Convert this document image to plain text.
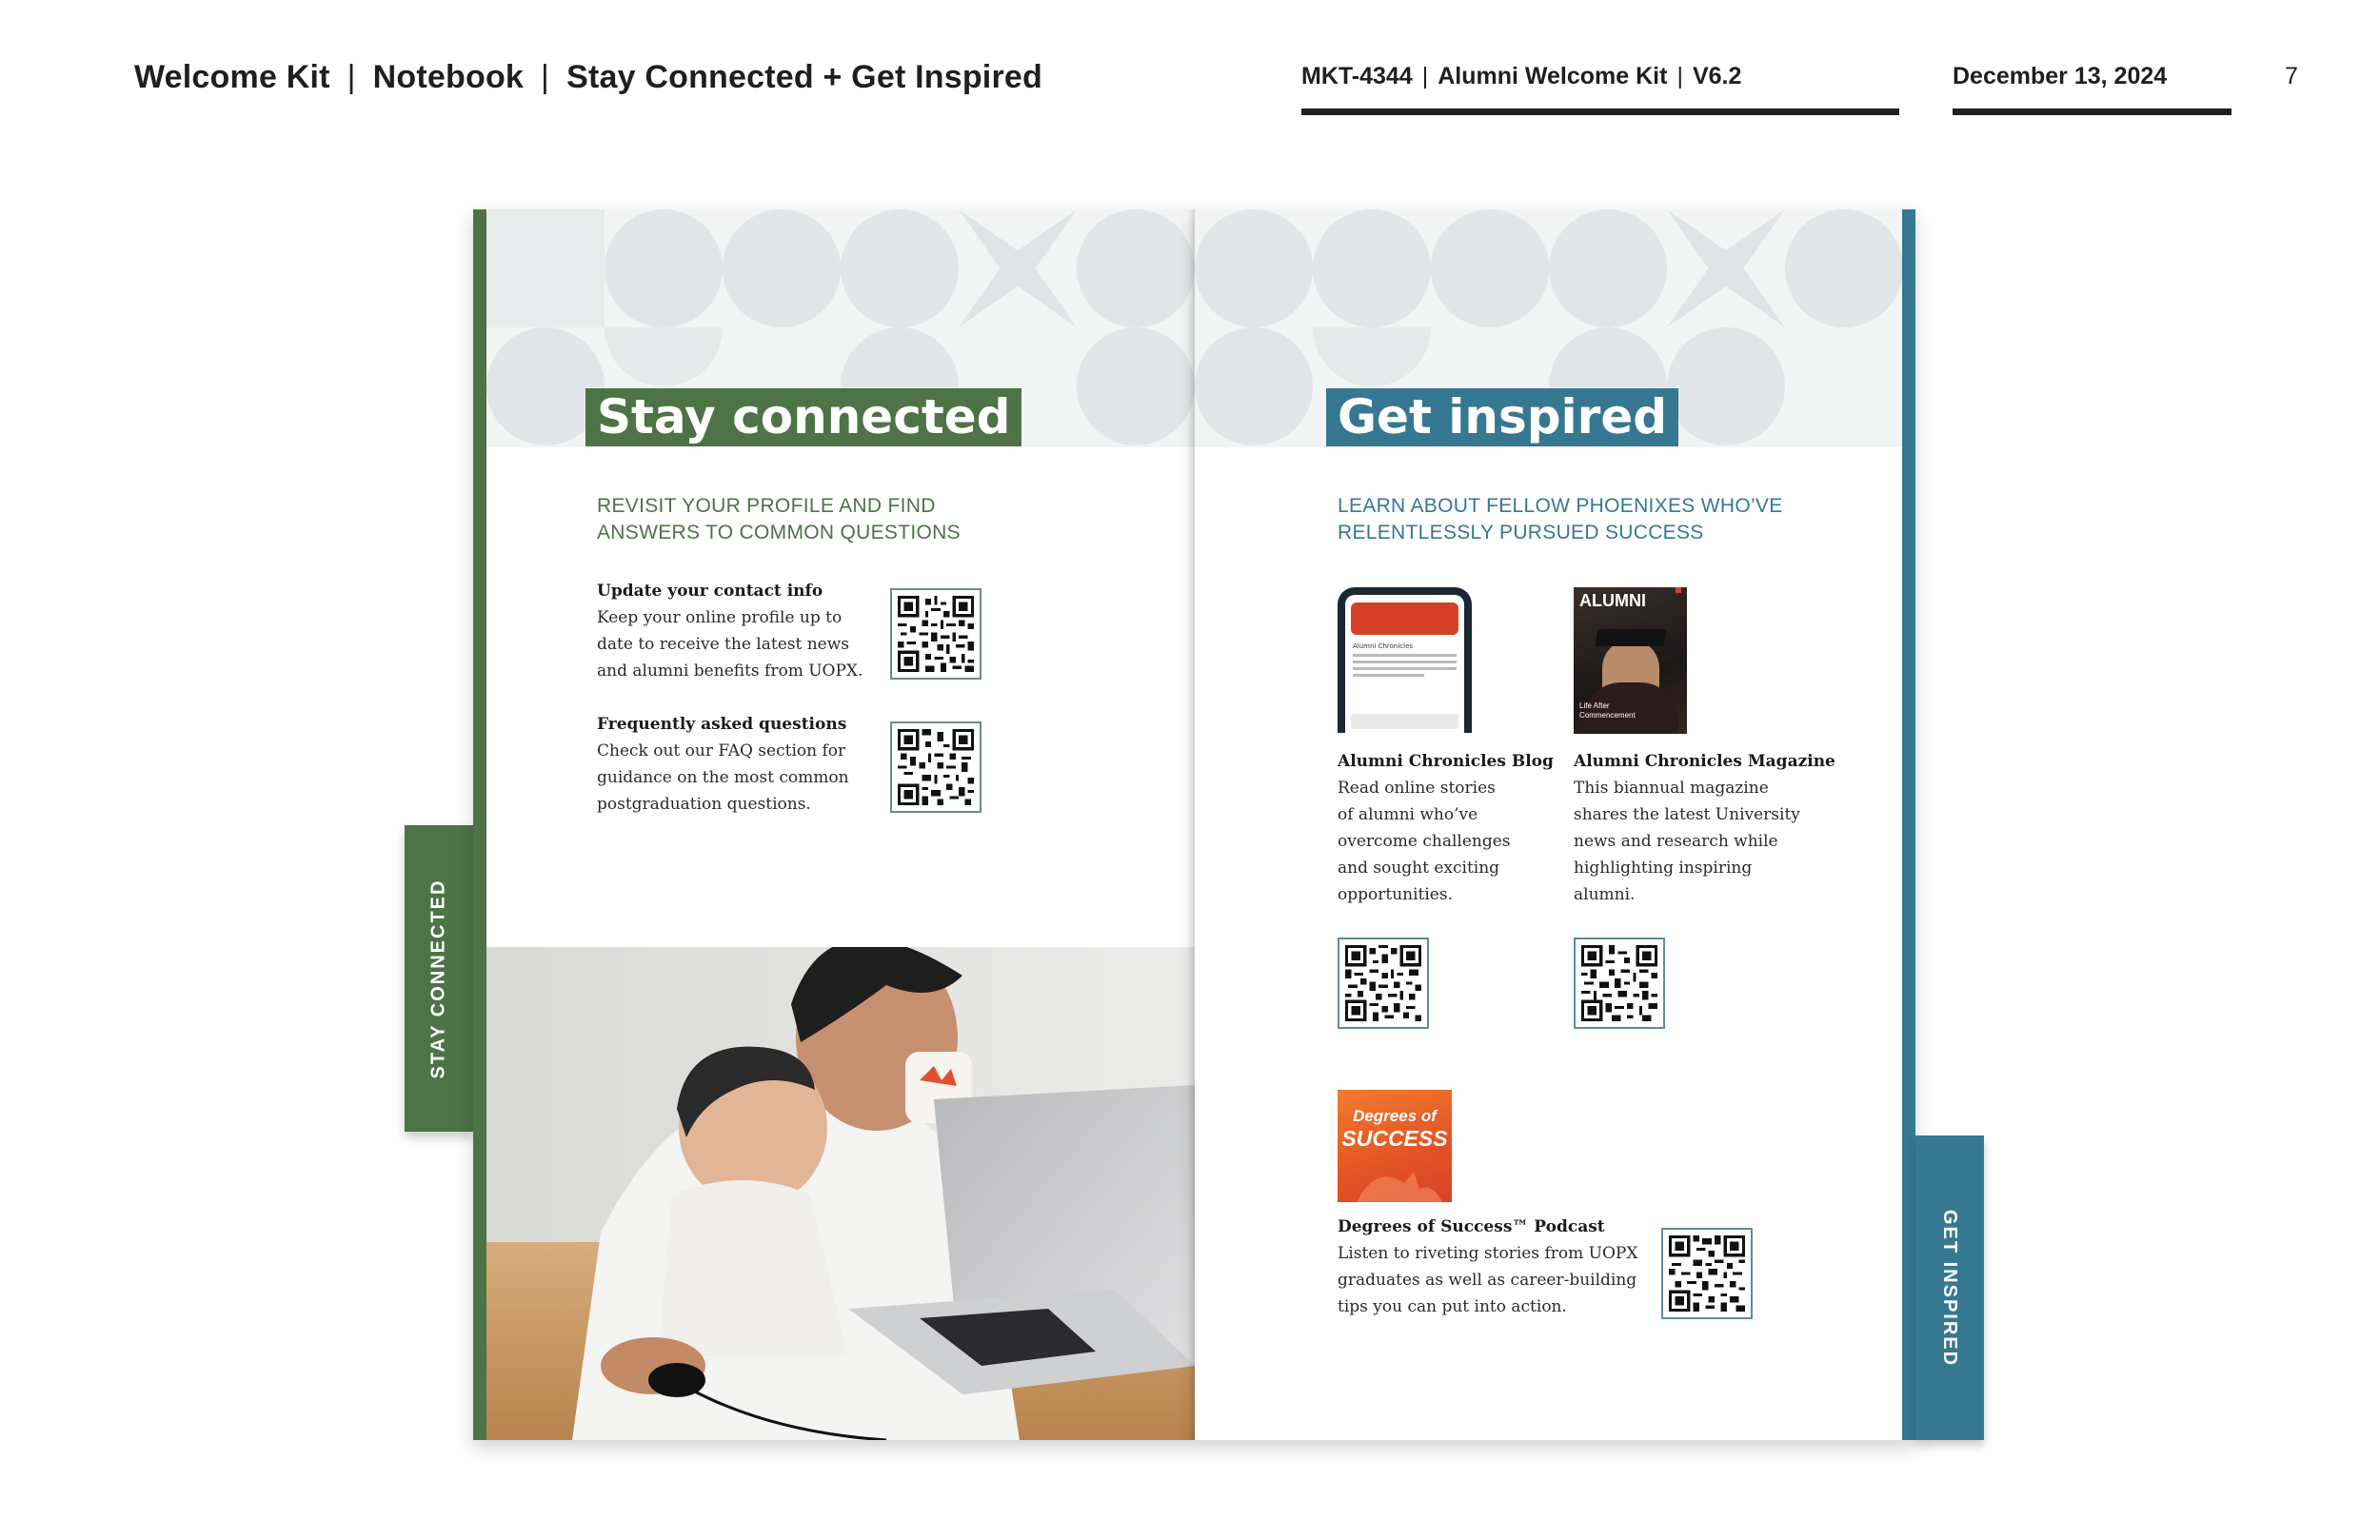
Welcome Kit | Notebook | Stay Connected + Get Inspired	MKT-4344 | Alumni Welcome Kit | V6.2	December 13, 2024	7
STAY CONNECTED
Stay connected
REVISIT YOUR PROFILE AND FIND
ANSWERS TO COMMON QUESTIONS
Update your contact info
Keep your online profile up to
date to receive the latest news
and alumni benefits from UOPX.
Frequently asked questions
Check out our FAQ section for
guidance on the most common
postgraduation questions.
Get inspired
LEARN ABOUT FELLOW PHOENIXES WHO’VE
RELENTLESSLY PURSUED SUCCESS
Alumni Chronicles
ALUMNI
Life After
Commencement
Alumni Chronicles Blog
Read online stories
of alumni who’ve
overcome challenges
and sought exciting
opportunities.
Alumni Chronicles Magazine
This biannual magazine
shares the latest University
news and research while
highlighting inspiring
alumni.
Degrees of
SUCCESS
Degrees of Success™ Podcast
Listen to riveting stories from UOPX
graduates as well as career-building
tips you can put into action.	GET INSPIRED
